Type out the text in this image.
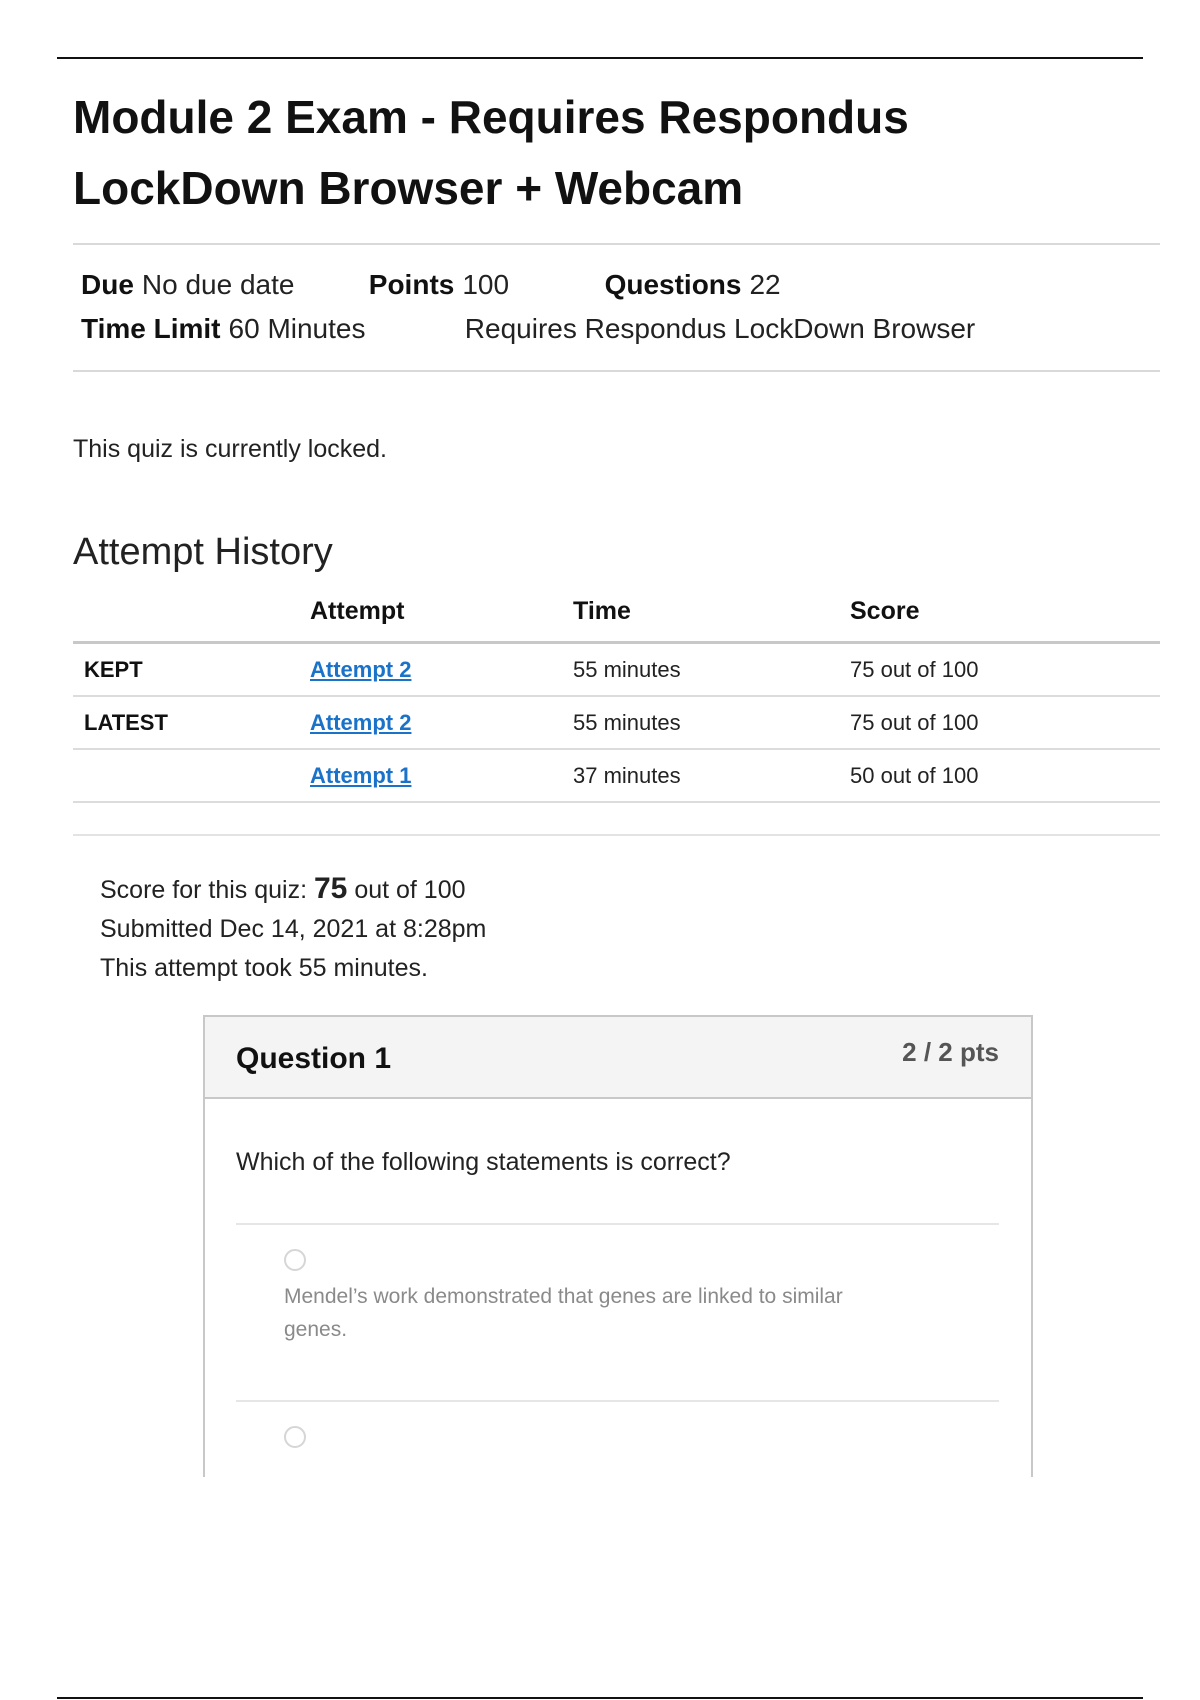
Module 2 Exam - Requires Respondus LockDown Browser + Webcam
Due No due date	Points 100	Questions 22
Time Limit 60 Minutes	Requires Respondus LockDown Browser
This quiz is currently locked.
Attempt History
	Attempt	Time	Score
KEPT	Attempt 2	55 minutes	75 out of 100
LATEST	Attempt 2	55 minutes	75 out of 100
	Attempt 1	37 minutes	50 out of 100
Score for this quiz: 75 out of 100
Submitted Dec 14, 2021 at 8:28pm
This attempt took 55 minutes.
Question 1	2 / 2 pts
Which of the following statements is correct?
Mendel’s work demonstrated that genes are linked to similar genes.
